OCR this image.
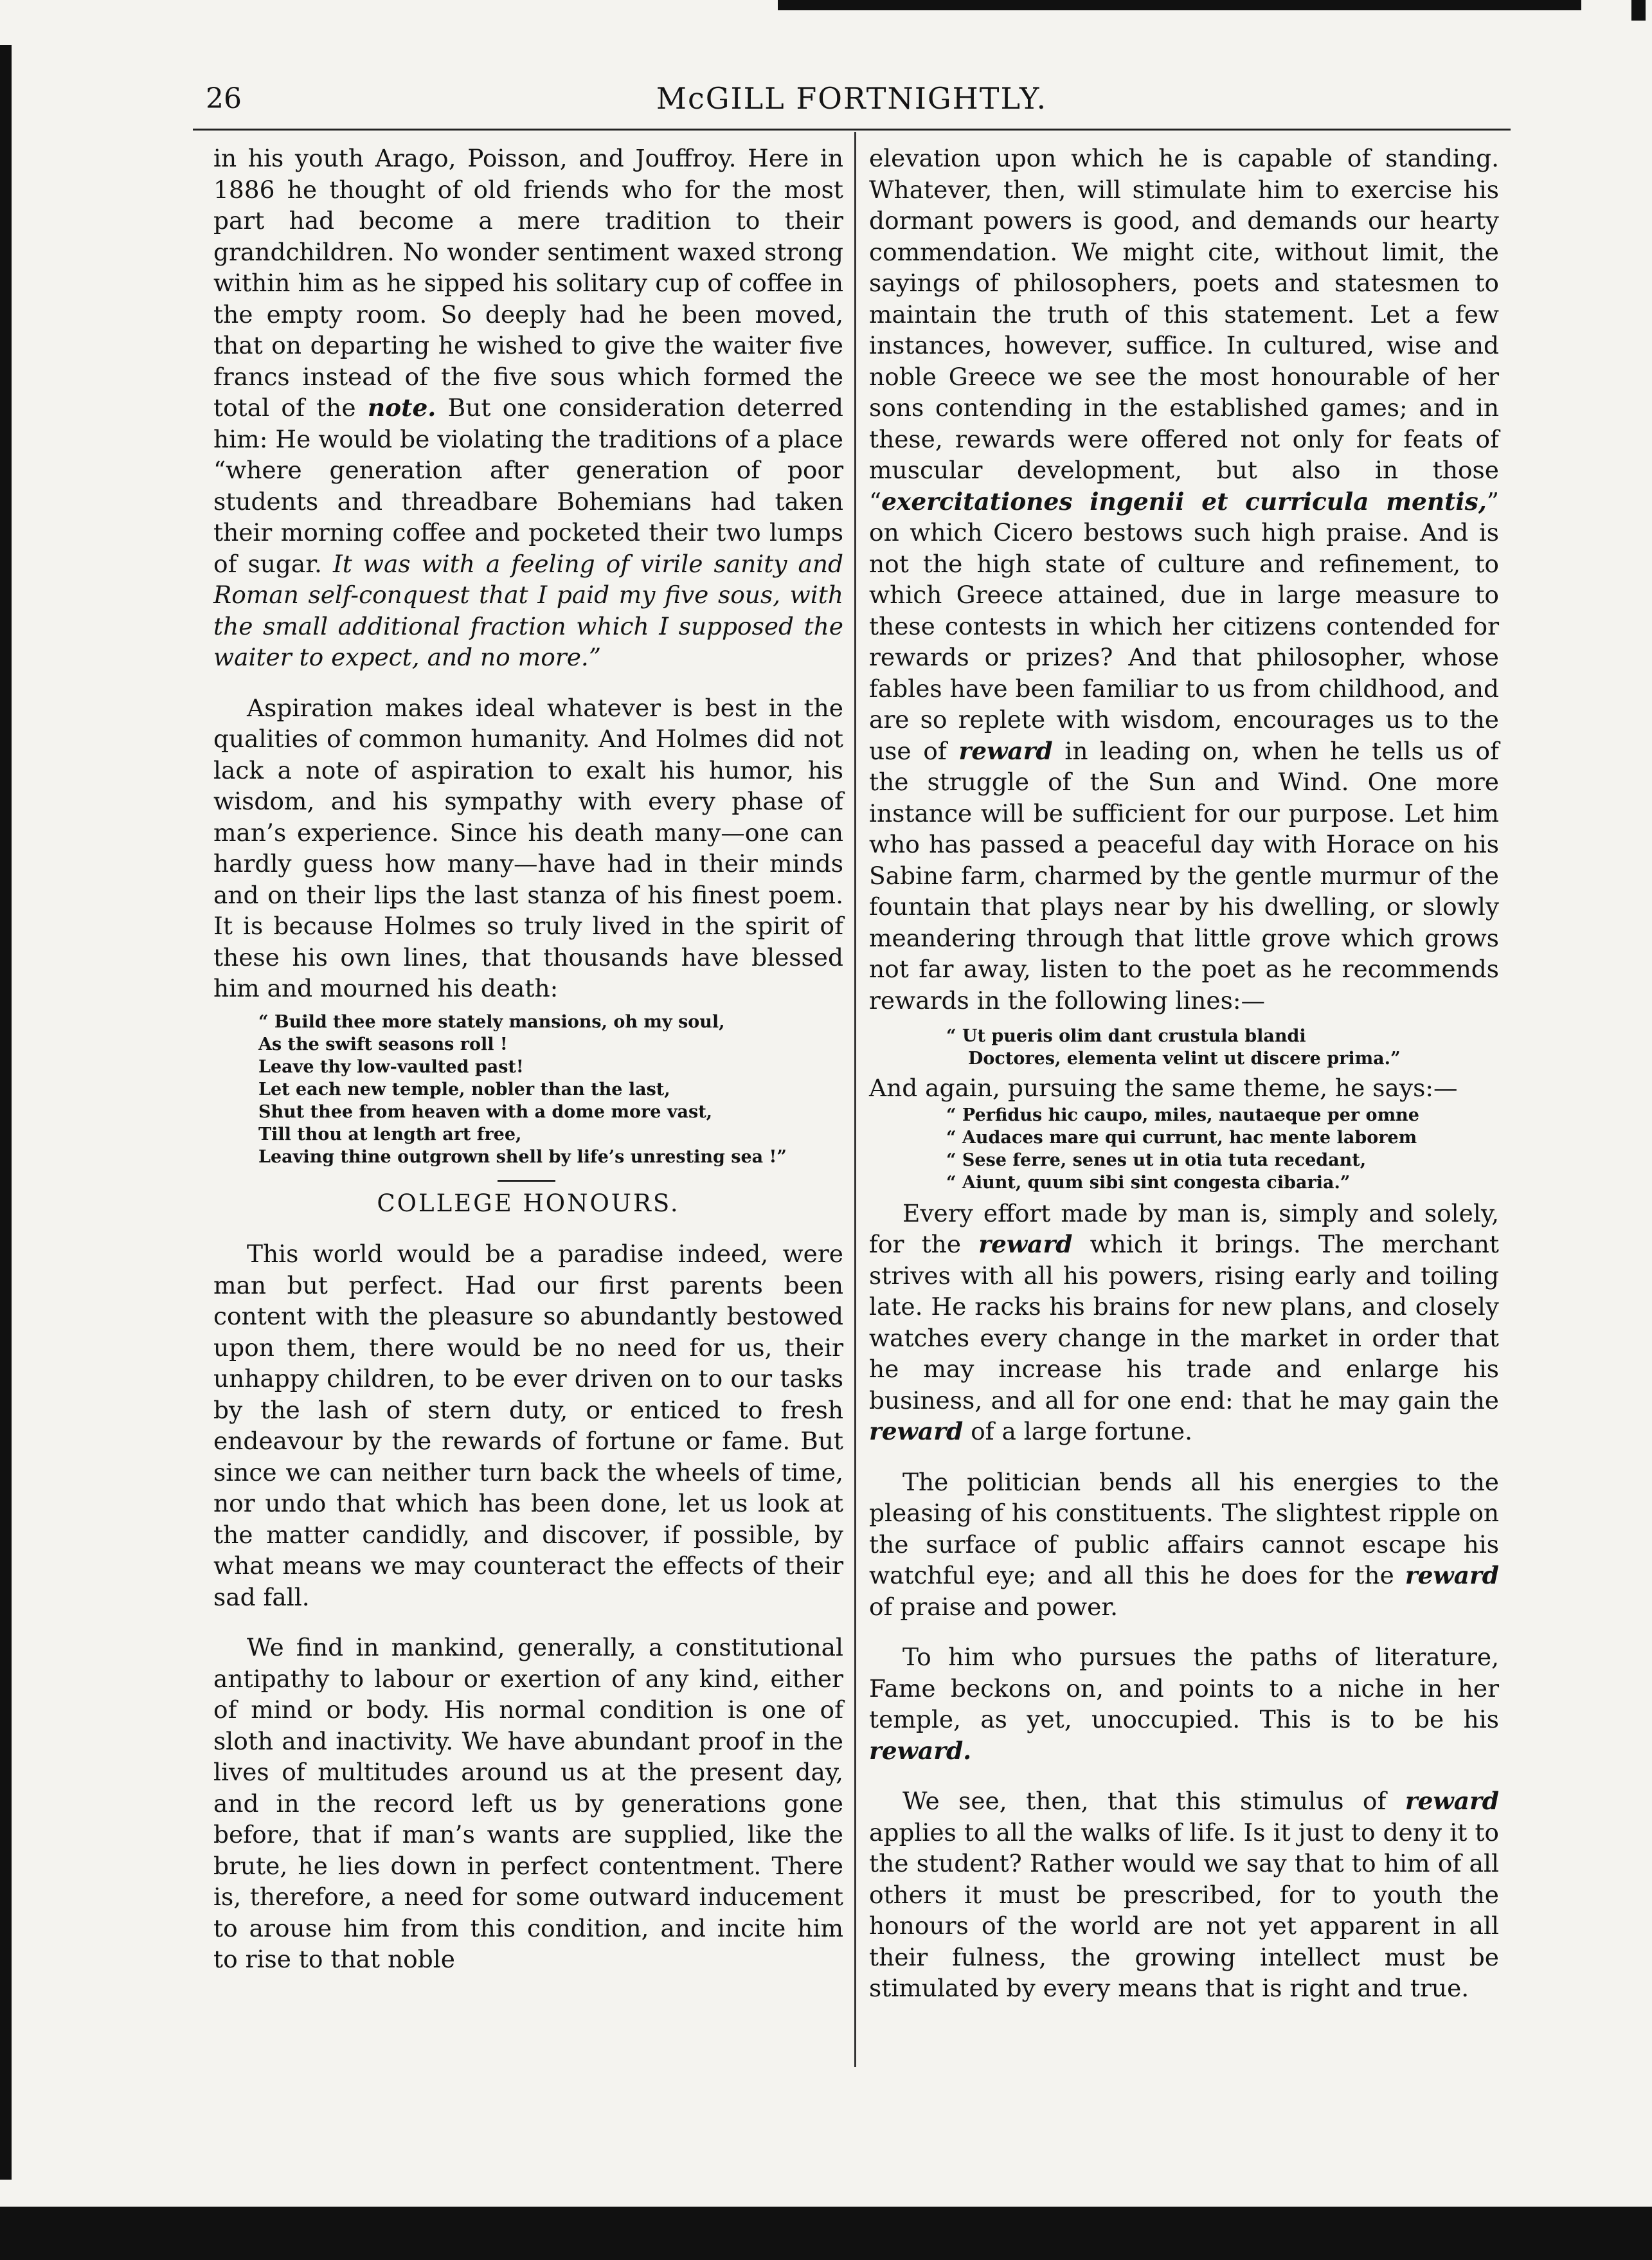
26	McGILL FORTNIGHTLY.

in his youth Arago, Poisson, and Jouffroy. Here in 1886 he thought of old friends who for the most part had become a mere tradition to their grandchildren. No wonder sentiment waxed strong within him as he sipped his solitary cup of coffee in the empty room. So deeply had he been moved, that on departing he wished to give the waiter five francs instead of the five sous which formed the total of the note. But one consideration deterred him: He would be violating the traditions of a place “where generation after generation of poor students and threadbare Bohemians had taken their morning coffee and pocketed their two lumps of sugar. It was with a feeling of virile sanity and Roman self-conquest that I paid my five sous, with the small additional fraction which I supposed the waiter to expect, and no more.”

Aspiration makes ideal whatever is best in the qualities of common humanity. And Holmes did not lack a note of aspiration to exalt his humor, his wisdom, and his sympathy with every phase of man’s experience. Since his death many—one can hardly guess how many—have had in their minds and on their lips the last stanza of his finest poem. It is because Holmes so truly lived in the spirit of these his own lines, that thousands have blessed him and mourned his death:

“ Build thee more stately mansions, oh my soul,
As the swift seasons roll !
Leave thy low-vaulted past!
Let each new temple, nobler than the last,
Shut thee from heaven with a dome more vast,
Till thou at length art free,
Leaving thine outgrown shell by life’s unresting sea !”
COLLEGE HONOURS.

This world would be a paradise indeed, were man but perfect. Had our first parents been content with the pleasure so abundantly bestowed upon them, there would be no need for us, their unhappy children, to be ever driven on to our tasks by the lash of stern duty, or enticed to fresh endeavour by the rewards of fortune or fame. But since we can neither turn back the wheels of time, nor undo that which has been done, let us look at the matter candidly, and discover, if possible, by what means we may counteract the effects of their sad fall.

We find in mankind, generally, a constitutional antipathy to labour or exertion of any kind, either of mind or body. His normal condition is one of sloth and inactivity. We have abundant proof in the lives of multitudes around us at the present day, and in the record left us by generations gone before, that if man’s wants are supplied, like the brute, he lies down in perfect contentment. There is, therefore, a need for some outward inducement to arouse him from this condition, and incite him to rise to that noble

elevation upon which he is capable of standing. Whatever, then, will stimulate him to exercise his dormant powers is good, and demands our hearty commendation. We might cite, without limit, the sayings of philosophers, poets and statesmen to maintain the truth of this statement. Let a few instances, however, suffice. In cultured, wise and noble Greece we see the most honourable of her sons contending in the established games; and in these, rewards were offered not only for feats of muscular development, but also in those “exercitationes ingenii et curricula mentis,” on which Cicero bestows such high praise. And is not the high state of culture and refinement, to which Greece attained, due in large measure to these contests in which her citizens contended for rewards or prizes? And that philosopher, whose fables have been familiar to us from childhood, and are so replete with wisdom, encourages us to the use of reward in leading on, when he tells us of the struggle of the Sun and Wind. One more instance will be sufficient for our purpose. Let him who has passed a peaceful day with Horace on his Sabine farm, charmed by the gentle murmur of the fountain that plays near by his dwelling, or slowly meandering through that little grove which grows not far away, listen to the poet as he recommends rewards in the following lines:—

“ Ut pueris olim dant crustula blandi
Doctores, elementa velint ut discere prima.”

And again, pursuing the same theme, he says:—

“ Perfidus hic caupo, miles, nautaeque per omne
“ Audaces mare qui currunt, hac mente laborem
“ Sese ferre, senes ut in otia tuta recedant,
“ Aiunt, quum sibi sint congesta cibaria.”

Every effort made by man is, simply and solely, for the reward which it brings. The merchant strives with all his powers, rising early and toiling late. He racks his brains for new plans, and closely watches every change in the market in order that he may increase his trade and enlarge his business, and all for one end: that he may gain the reward of a large fortune.

The politician bends all his energies to the pleasing of his constituents. The slightest ripple on the surface of public affairs cannot escape his watchful eye; and all this he does for the reward of praise and power.

To him who pursues the paths of literature, Fame beckons on, and points to a niche in her temple, as yet, unoccupied. This is to be his reward.

We see, then, that this stimulus of reward applies to all the walks of life. Is it just to deny it to the student? Rather would we say that to him of all others it must be prescribed, for to youth the honours of the world are not yet apparent in all their fulness, the growing intellect must be stimulated by every means that is right and true.
